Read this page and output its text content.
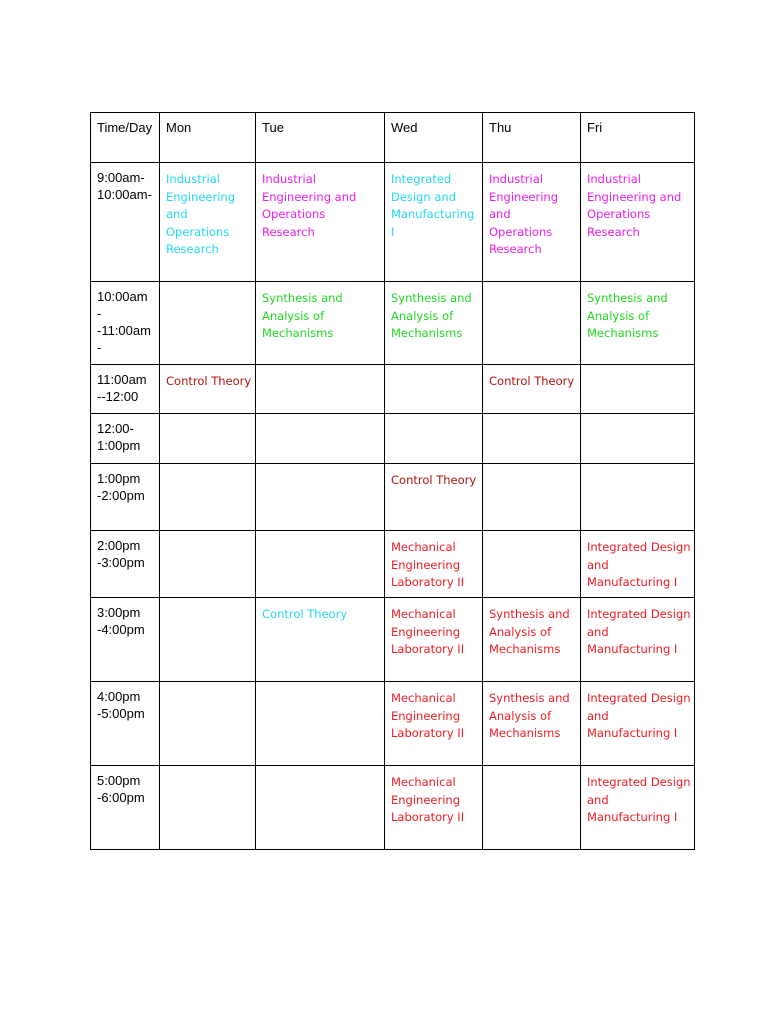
Time/Day	Mon	Tue	Wed	Thu	Fri
9:00am-10:00am-	Industrial Engineering and Operations Research	Industrial Engineering and Operations Research	Integrated Design and Manufacturing I	Industrial Engineering and Operations Research	Industrial Engineering and Operations Research
10:00am --11:00am-		Synthesis and Analysis of Mechanisms	Synthesis and Analysis of Mechanisms		Synthesis and Analysis of Mechanisms
11:00am --12:00	Control Theory			Control Theory	
12:00-1:00pm					
1:00pm -2:00pm			Control Theory		
2:00pm -3:00pm			Mechanical Engineering Laboratory II		Integrated Design and Manufacturing I
3:00pm -4:00pm		Control Theory	Mechanical Engineering Laboratory II	Synthesis and Analysis of Mechanisms	Integrated Design and Manufacturing I
4:00pm -5:00pm			Mechanical Engineering Laboratory II	Synthesis and Analysis of Mechanisms	Integrated Design and Manufacturing I
5:00pm -6:00pm			Mechanical Engineering Laboratory II		Integrated Design and Manufacturing I
